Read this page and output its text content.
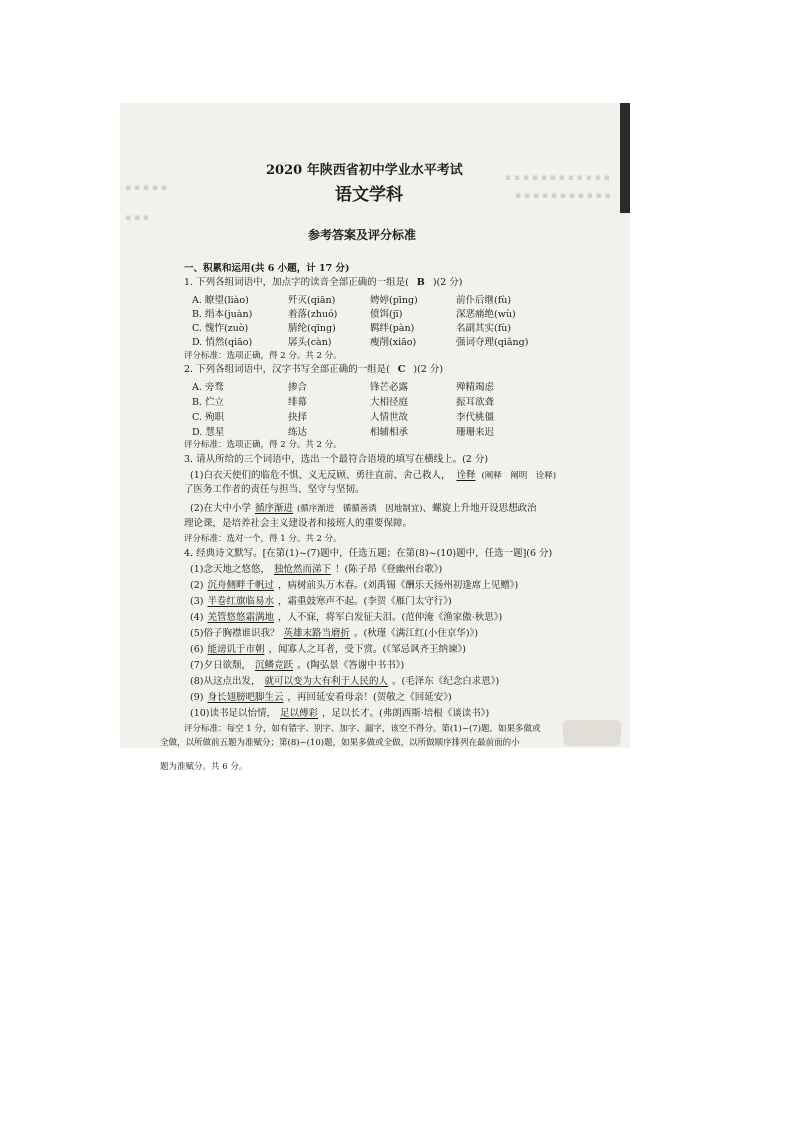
▪ ▪ ▪ ▪ ▪ ▪ ▪ ▪ ▪ ▪ ▪ ▪
▪ ▪ ▪ ▪ ▪ ▪ ▪ ▪ ▪ ▪ ▪
▪ ▪ ▪ ▪ ▪
▪ ▪ ▪
2020 年陕西省初中学业水平考试
语文学科
参考答案及评分标准
一、积累和运用(共 6 小题，计 17 分)
1. 下列各组词语中，加点字的读音全部正确的一组是( B )(2 分)
A. 瞭望(liào)	歼灭(qiān)	娉婷(pīng)	前仆后继(fù)
B. 绢本(juàn)	着落(zhuó)	偾饵(jī)	深恶痛绝(wù)
C. 愧怍(zuò)	腈纶(qīng)	羁绊(pàn)	名副其实(fù)
D. 悄然(qiāo)	孱头(càn)	瘦削(xiāo)	强词夺理(qiǎng)
评分标准：选项正确，得 2 分。共 2 分。
2. 下列各组词语中，汉字书写全部正确的一组是( C )(2 分)
A. 旁骛	掺合	锋芒必露	殚精竭虑
B. 伫立	绯幕	大相径庭	振耳欲聋
C. 殉职	抉择	人情世故	李代桃僵
D. 慧星	练达	相辅相承	珊珊来迟
评分标准：选项正确，得 2 分。共 2 分。
3. 请从所给的三个词语中，选出一个最符合语境的填写在横线上。(2 分)
(1)白衣天使们的临危不惧、义无反顾、勇往直前、舍己救人， 诠释 (阐释　阐明　诠释)
了医务工作者的责任与担当、坚守与坚韧。
(2)在大中小学 循序渐进 (循序渐进　循循善诱　因地制宜)、螺旋上升地开设思想政治
理论课，是培养社会主义建设者和接班人的重要保障。
评分标准：选对一个，得 1 分。共 2 分。
4. 经典诗文默写。[在第(1)~(7)题中，任选五题；在第(8)~(10)题中，任选一题](6 分)
(1)念天地之悠悠， 独怆然而涕下 ！(陈子昂《登幽州台歌》)
(2) 沉舟侧畔千帆过 ，病树前头万木春。(刘禹锡《酬乐天扬州初逢席上见赠》)
(3) 半卷红旗临易水 ，霜重鼓寒声不起。(李贺《雁门太守行》)
(4) 羌管悠悠霜满地 ，人不寐，将军白发征夫泪。(范仲淹《渔家傲·秋思》)
(5)俗子胸襟谁识我？ 英雄末路当磨折 。(秋瑾《满江红(小住京华)》)
(6) 能谤讥于市朝 ，闻寡人之耳者，受下赏。(《邹忌讽齐王纳谏》)
(7)夕日欲颓， 沉鳞竞跃 。(陶弘景《答谢中书书》)
(8)从这点出发， 就可以变为大有利于人民的人 。(毛泽东《纪念白求恩》)
(9) 身长翅膀吧脚生云 ，再回延安看母亲！(贺敬之《回延安》)
(10)读书足以怡情， 足以傅彩 ，足以长才。(弗朗西斯·培根《谈读书》)
评分标准：每空 1 分，如有错字、别字、加字、漏字，该空不得分。第(1)~(7)题，如果多做或
全做，以所做前五题为准赋分；第(8)~(10)题，如果多做或全做，以所做顺序排列在最前面的小
题为准赋分。共 6 分。
